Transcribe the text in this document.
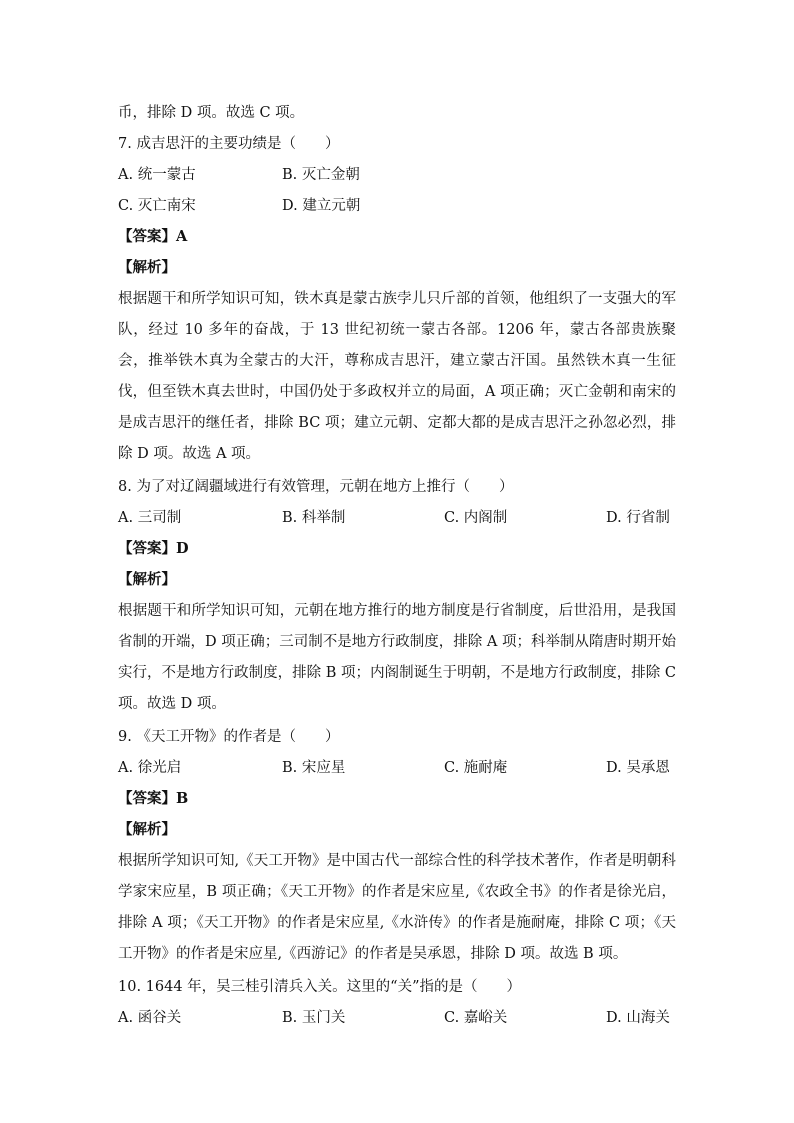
币，排除 D 项。故选 C 项。
7. 成吉思汗的主要功绩是（　　）
A. 统一蒙古	B. 灭亡金朝
C. 灭亡南宋	D. 建立元朝
【答案】A
【解析】
根据题干和所学知识可知，铁木真是蒙古族孛儿只斤部的首领，他组织了一支强大的军队，经过 10 多年的奋战，于 13 世纪初统一蒙古各部。1206 年，蒙古各部贵族聚会，推举铁木真为全蒙古的大汗，尊称成吉思汗，建立蒙古汗国。虽然铁木真一生征伐，但至铁木真去世时，中国仍处于多政权并立的局面，A 项正确；灭亡金朝和南宋的是成吉思汗的继任者，排除 BC 项；建立元朝、定都大都的是成吉思汗之孙忽必烈，排除 D 项。故选 A 项。
8. 为了对辽阔疆域进行有效管理，元朝在地方上推行（　　）
A. 三司制	B. 科举制	C. 内阁制	D. 行省制
【答案】D
【解析】
根据题干和所学知识可知，元朝在地方推行的地方制度是行省制度，后世沿用，是我国省制的开端，D 项正确；三司制不是地方行政制度，排除 A 项；科举制从隋唐时期开始实行，不是地方行政制度，排除 B 项；内阁制诞生于明朝，不是地方行政制度，排除 C 项。故选 D 项。
9. 《天工开物》的作者是（　　）
A. 徐光启	B. 宋应星	C. 施耐庵	D. 吴承恩
【答案】B
【解析】
根据所学知识可知,《天工开物》是中国古代一部综合性的科学技术著作，作者是明朝科学家宋应星，B 项正确；《天工开物》的作者是宋应星,《农政全书》的作者是徐光启，排除 A 项；《天工开物》的作者是宋应星,《水浒传》的作者是施耐庵，排除 C 项；《天工开物》的作者是宋应星,《西游记》的作者是吴承恩，排除 D 项。故选 B 项。
10. 1644 年，吴三桂引清兵入关。这里的“关”指的是（　　）
A. 函谷关	B. 玉门关	C. 嘉峪关	D. 山海关
